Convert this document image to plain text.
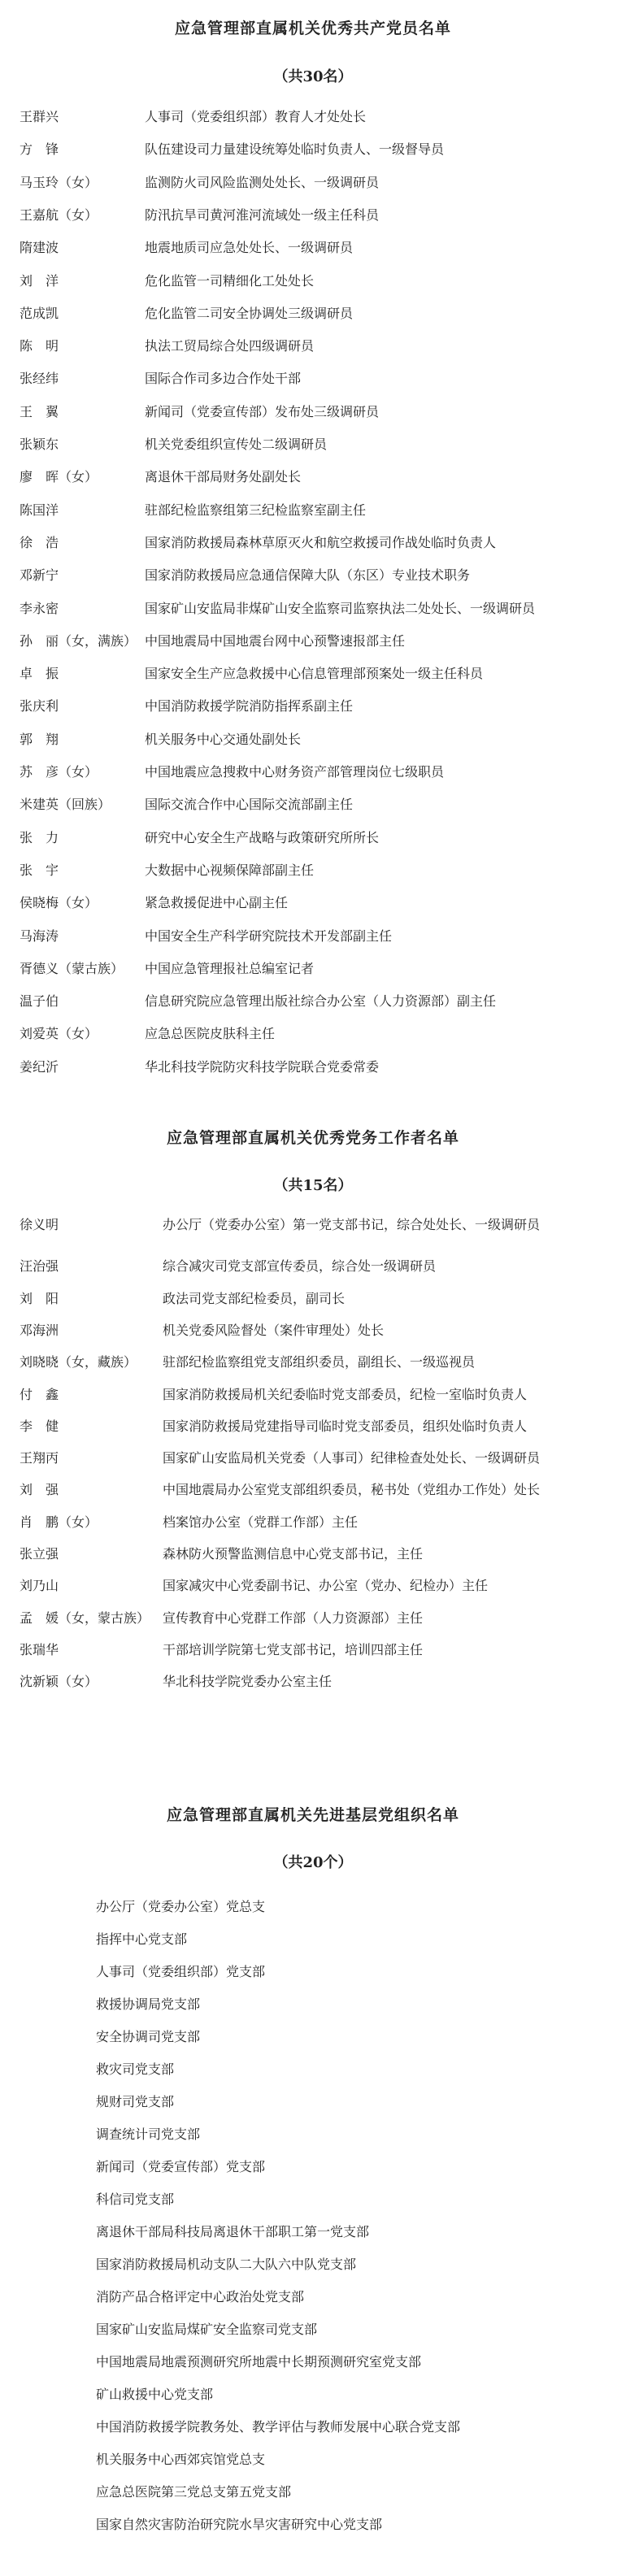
应急管理部直属机关优秀共产党员名单
（共30名）
王群兴	人事司（党委组织部）教育人才处处长
方　锋	队伍建设司力量建设统筹处临时负责人、一级督导员
马玉玲（女）	监测防火司风险监测处处长、一级调研员
王嘉航（女）	防汛抗旱司黄河淮河流域处一级主任科员
隋建波	地震地质司应急处处长、一级调研员
刘　洋	危化监管一司精细化工处处长
范成凯	危化监管二司安全协调处三级调研员
陈　明	执法工贸局综合处四级调研员
张经纬	国际合作司多边合作处干部
王　翼	新闻司（党委宣传部）发布处三级调研员
张颖东	机关党委组织宣传处二级调研员
廖　晖（女）	离退休干部局财务处副处长
陈国洋	驻部纪检监察组第三纪检监察室副主任
徐　浩	国家消防救援局森林草原灭火和航空救援司作战处临时负责人
邓新宁	国家消防救援局应急通信保障大队（东区）专业技术职务
李永密	国家矿山安监局非煤矿山安全监察司监察执法二处处长、一级调研员
孙　丽（女，满族） 中国地震局中国地震台网中心预警速报部主任
卓　振	国家安全生产应急救援中心信息管理部预案处一级主任科员
张庆利	中国消防救援学院消防指挥系副主任
郭　翔	机关服务中心交通处副处长
苏　彦（女）	中国地震应急搜救中心财务资产部管理岗位七级职员
米建英（回族）	国际交流合作中心国际交流部副主任
张　力	研究中心安全生产战略与政策研究所所长
张　宇	大数据中心视频保障部副主任
侯晓梅（女）	紧急救援促进中心副主任
马海涛	中国安全生产科学研究院技术开发部副主任
胥德义（蒙古族） 中国应急管理报社总编室记者
温子伯	信息研究院应急管理出版社综合办公室（人力资源部）副主任
刘爱英（女）	应急总医院皮肤科主任
姜纪沂	华北科技学院防灾科技学院联合党委常委
应急管理部直属机关优秀党务工作者名单
（共15名）
徐义明	办公厅（党委办公室）第一党支部书记，综合处处长、一级调研员
汪治强	综合减灾司党支部宣传委员，综合处一级调研员
刘　阳	政法司党支部纪检委员，副司长
邓海洲	机关党委风险督处（案件审理处）处长
刘晓晓（女，藏族） 驻部纪检监察组党支部组织委员，副组长、一级巡视员
付　鑫	国家消防救援局机关纪委临时党支部委员，纪检一室临时负责人
李　健	国家消防救援局党建指导司临时党支部委员，组织处临时负责人
王翔丙	国家矿山安监局机关党委（人事司）纪律检查处处长、一级调研员
刘　强	中国地震局办公室党支部组织委员，秘书处（党组办工作处）处长
肖　鹏（女）	档案馆办公室（党群工作部）主任
张立强	森林防火预警监测信息中心党支部书记，主任
刘乃山	国家减灾中心党委副书记、办公室（党办、纪检办）主任
孟　媛（女，蒙古族） 宣传教育中心党群工作部（人力资源部）主任
张瑞华	干部培训学院第七党支部书记，培训四部主任
沈新颖（女）	华北科技学院党委办公室主任
应急管理部直属机关先进基层党组织名单
（共20个）
办公厅（党委办公室）党总支
指挥中心党支部
人事司（党委组织部）党支部
救援协调局党支部
安全协调司党支部
救灾司党支部
规财司党支部
调查统计司党支部
新闻司（党委宣传部）党支部
科信司党支部
离退休干部局科技局离退休干部职工第一党支部
国家消防救援局机动支队二大队六中队党支部
消防产品合格评定中心政治处党支部
国家矿山安监局煤矿安全监察司党支部
中国地震局地震预测研究所地震中长期预测研究室党支部
矿山救援中心党支部
中国消防救援学院教务处、教学评估与教师发展中心联合党支部
机关服务中心西郊宾馆党总支
应急总医院第三党总支第五党支部
国家自然灾害防治研究院水旱灾害研究中心党支部
